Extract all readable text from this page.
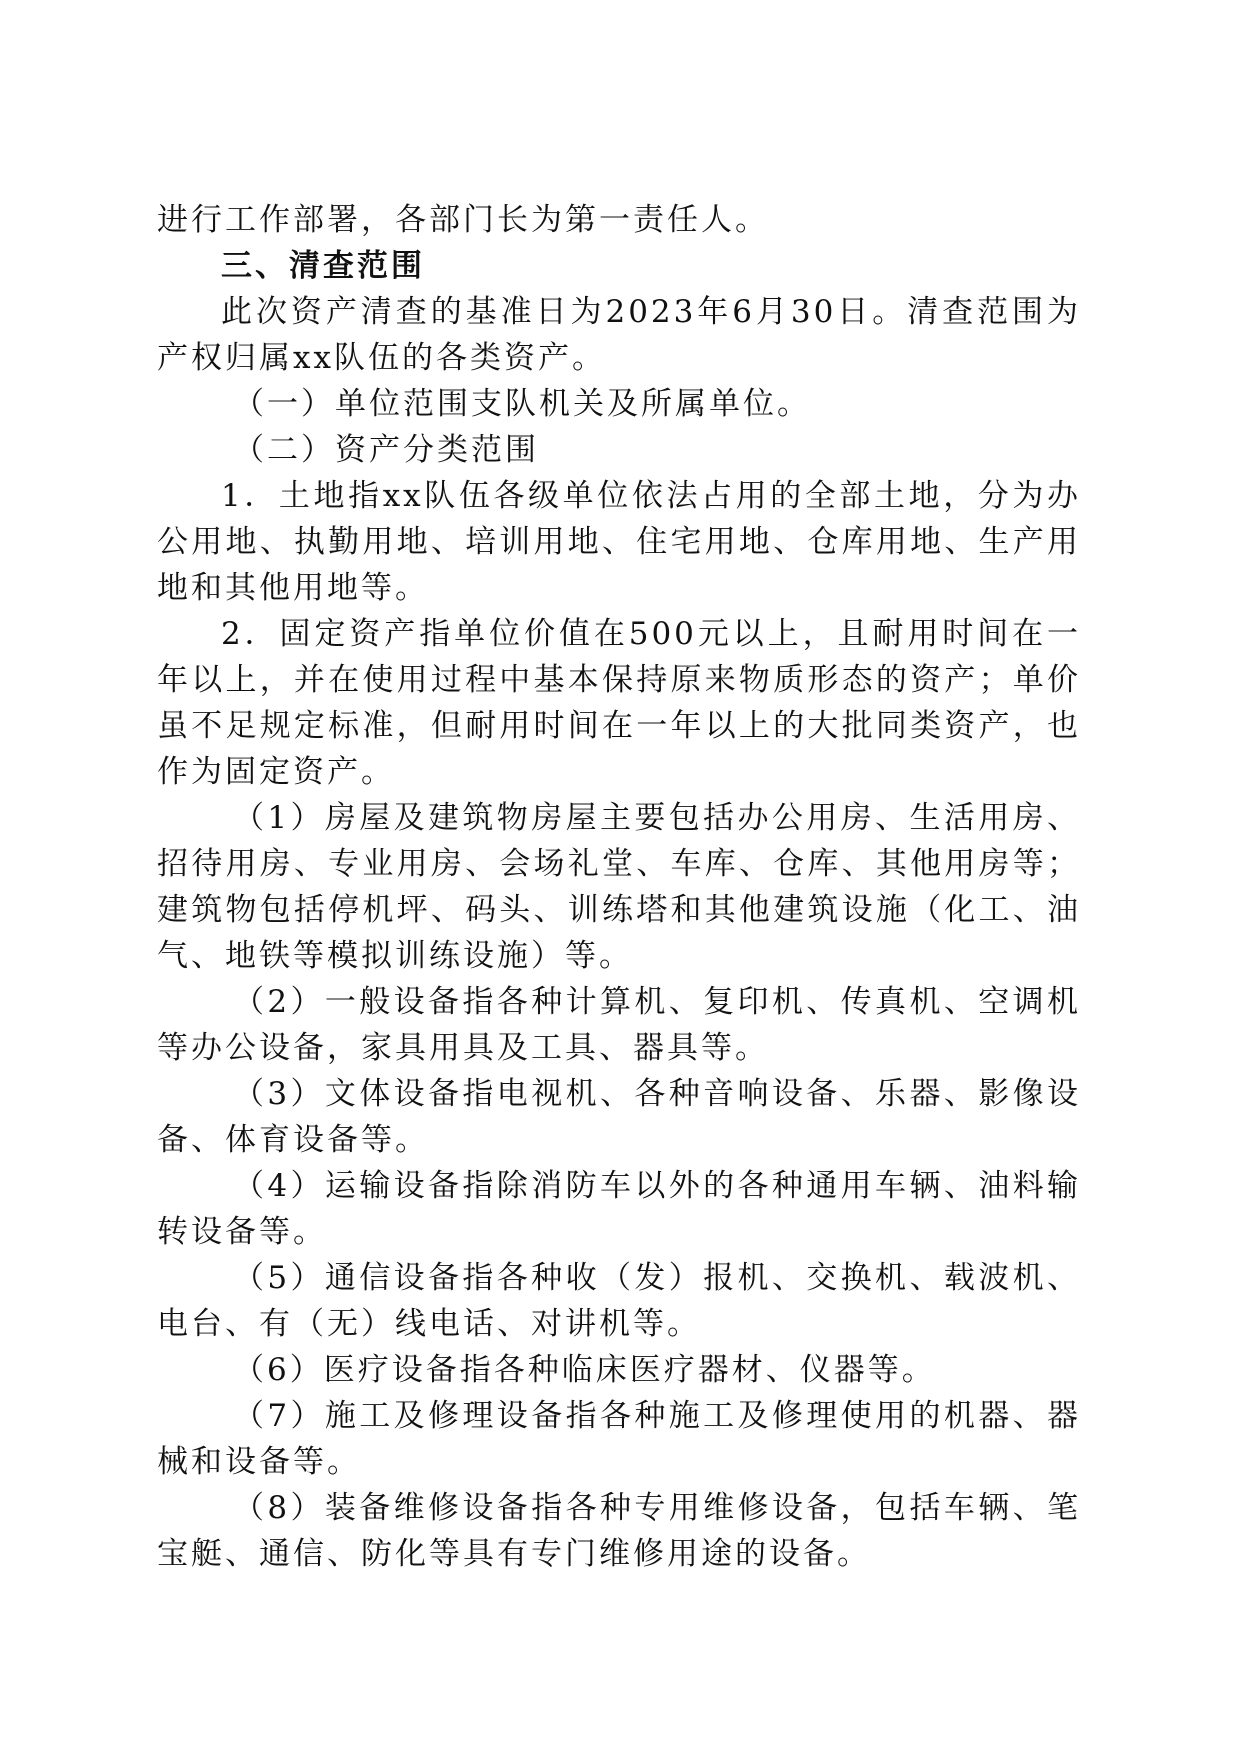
进行工作部署，各部门长为第一责任人。

三、清查范围

此次资产清查的基准日为2023年6月30日。清查范围为产权归属xx队伍的各类资产。

（一）单位范围支队机关及所属单位。

（二）资产分类范围

1．土地指xx队伍各级单位依法占用的全部土地，分为办公用地、执勤用地、培训用地、住宅用地、仓库用地、生产用地和其他用地等。

2．固定资产指单位价值在500元以上，且耐用时间在一年以上，并在使用过程中基本保持原来物质形态的资产；单价虽不足规定标准，但耐用时间在一年以上的大批同类资产，也作为固定资产。

（1）房屋及建筑物房屋主要包括办公用房、生活用房、招待用房、专业用房、会场礼堂、车库、仓库、其他用房等；建筑物包括停机坪、码头、训练塔和其他建筑设施（化工、油气、地铁等模拟训练设施）等。

（2）一般设备指各种计算机、复印机、传真机、空调机等办公设备，家具用具及工具、器具等。

（3）文体设备指电视机、各种音响设备、乐器、影像设备、体育设备等。

（4）运输设备指除消防车以外的各种通用车辆、油料输转设备等。

（5）通信设备指各种收（发）报机、交换机、载波机、电台、有（无）线电话、对讲机等。

（6）医疗设备指各种临床医疗器材、仪器等。

（7）施工及修理设备指各种施工及修理使用的机器、器械和设备等。

（8）装备维修设备指各种专用维修设备，包括车辆、笔宝艇、通信、防化等具有专门维修用途的设备。
